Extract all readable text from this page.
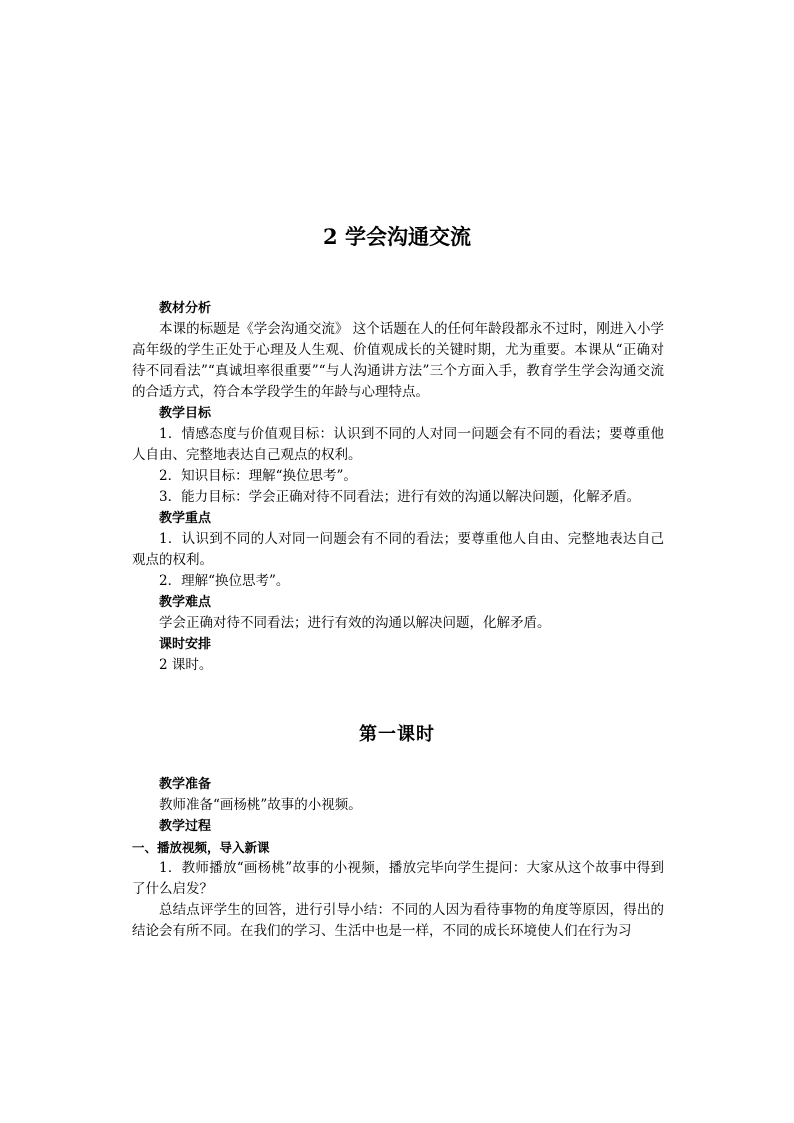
2 学会沟通交流

教材分析

本课的标题是《学会沟通交流》 这个话题在人的任何年龄段都永不过时，刚进入小学高年级的学生正处于心理及人生观、价值观成长的关键时期，尤为重要。本课从“正确对待不同看法”“真诚坦率很重要”“与人沟通讲方法”三个方面入手，教育学生学会沟通交流的合适方式，符合本学段学生的年龄与心理特点。

教学目标

1．情感态度与价值观目标：认识到不同的人对同一问题会有不同的看法；要尊重他人自由、完整地表达自己观点的权利。

2．知识目标：理解“换位思考”。

3．能力目标：学会正确对待不同看法；进行有效的沟通以解决问题，化解矛盾。

教学重点

1．认识到不同的人对同一问题会有不同的看法；要尊重他人自由、完整地表达自己观点的权利。

2．理解“换位思考”。

教学难点

学会正确对待不同看法；进行有效的沟通以解决问题，化解矛盾。

课时安排

2 课时。

第一课时

教学准备

教师准备“画杨桃”故事的小视频。

教学过程

一、播放视频，导入新课

1．教师播放“画杨桃”故事的小视频，播放完毕向学生提问：大家从这个故事中得到了什么启发？

总结点评学生的回答，进行引导小结：不同的人因为看待事物的角度等原因，得出的结论会有所不同。在我们的学习、生活中也是一样，不同的成长环境使人们在行为习
